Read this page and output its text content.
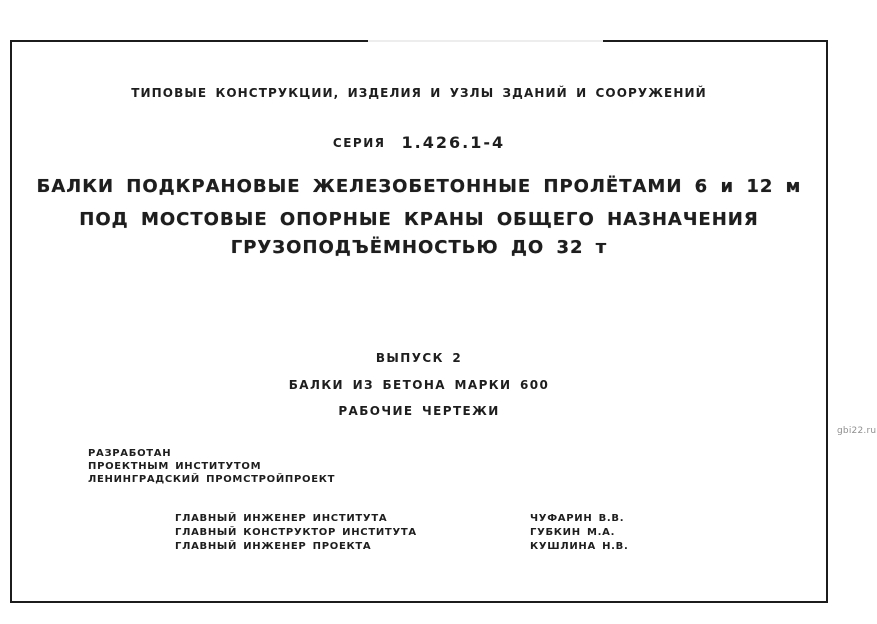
ТИПОВЫЕ КОНСТРУКЦИИ, ИЗДЕЛИЯ И УЗЛЫ ЗДАНИЙ И СООРУЖЕНИЙ
СЕРИЯ 1.426.1-4
БАЛКИ ПОДКРАНОВЫЕ ЖЕЛЕЗОБЕТОННЫЕ ПРОЛЁТАМИ 6 и 12 м
ПОД МОСТОВЫЕ ОПОРНЫЕ КРАНЫ ОБЩЕГО НАЗНАЧЕНИЯ
ГРУЗОПОДЪЁМНОСТЬЮ ДО 32 т
ВЫПУСК 2
БАЛКИ ИЗ БЕТОНА МАРКИ 600
РАБОЧИЕ ЧЕРТЕЖИ
РАЗРАБОТАН
ПРОЕКТНЫМ ИНСТИТУТОМ
ЛЕНИНГРАДСКИЙ ПРОМСТРОЙПРОЕКТ
ГЛАВНЫЙ ИНЖЕНЕР ИНСТИТУТА	ЧУФАРИН В.В.
ГЛАВНЫЙ КОНСТРУКТОР ИНСТИТУТА	ГУБКИН М.А.
ГЛАВНЫЙ ИНЖЕНЕР ПРОЕКТА	КУШЛИНА Н.В.
gbi22.ru
